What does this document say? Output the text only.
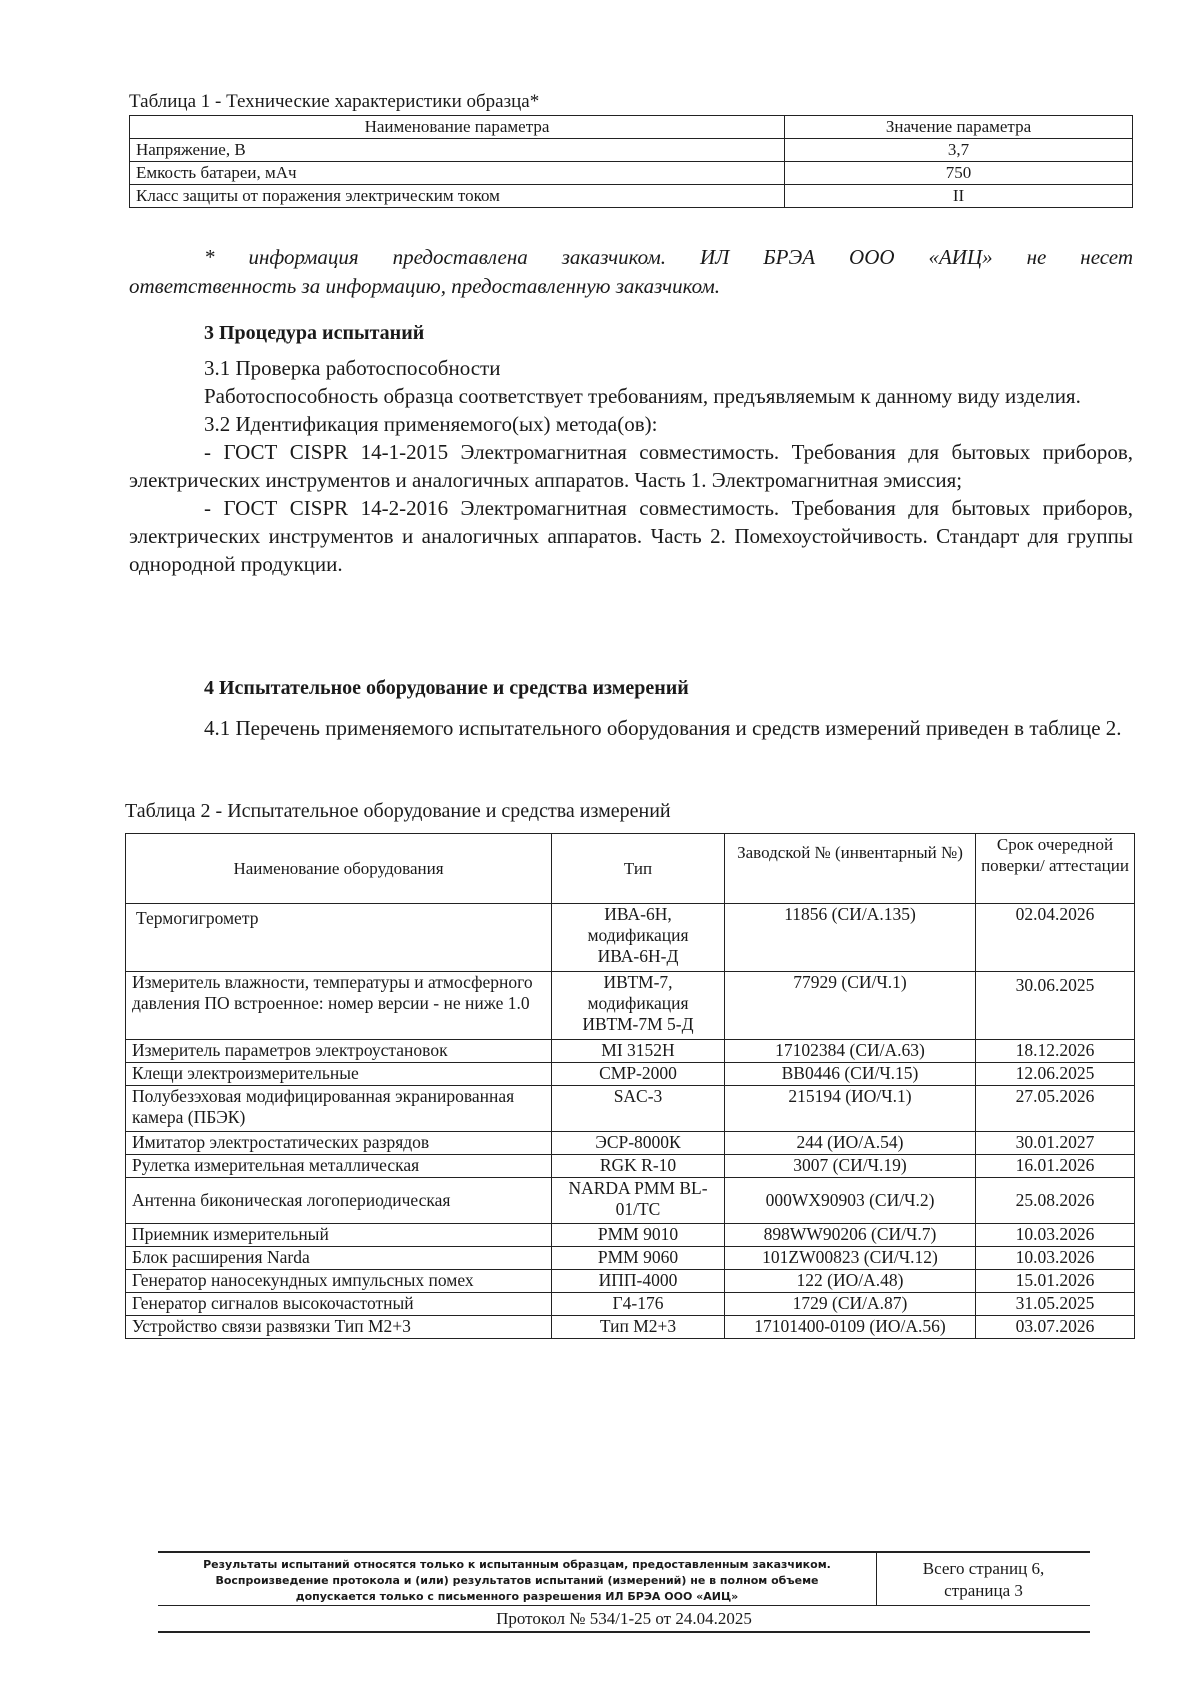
Таблица 1 - Технические характеристики образца*
Наименование параметра	Значение параметра
Напряжение, В	3,7
Емкость батареи, мАч	750
Класс защиты от поражения электрическим током	II
* информация предоставлена заказчиком. ИЛ БРЭА ООО «АИЦ» не несет
ответственность за информацию, предоставленную заказчиком.
3 Процедура испытаний
3.1 Проверка работоспособности
Работоспособность образца соответствует требованиям, предъявляемым к данному виду изделия.
3.2 Идентификация применяемого(ых) метода(ов):
- ГОСТ CISPR 14-1-2015 Электромагнитная совместимость. Требования для бытовых приборов, электрических инструментов и аналогичных аппаратов. Часть 1. Электромагнитная эмиссия;
- ГОСТ CISPR 14-2-2016 Электромагнитная совместимость. Требования для бытовых приборов, электрических инструментов и аналогичных аппаратов. Часть 2. Помехоустойчивость. Стандарт для группы однородной продукции.
4 Испытательное оборудование и средства измерений
4.1 Перечень применяемого испытательного оборудования и средств измерений приведен в таблице 2.
Таблица 2 - Испытательное оборудование и средства измерений
Наименование оборудования	Тип	Заводской № (инвентарный №)	Срок очередной поверки/ аттестации
Термогигрометр	ИВА-6Н, модификация ИВА-6Н-Д	11856 (СИ/А.135)	02.04.2026
Измеритель влажности, температуры и атмосферного давления ПО встроенное: номер версии - не ниже 1.0	ИВТМ-7, модификация ИВТМ-7М 5-Д	77929 (СИ/Ч.1)	30.06.2025
Измеритель параметров электроустановок	MI 3152H	17102384 (СИ/А.63)	18.12.2026
Клещи электроизмерительные	CMP-2000	BB0446 (СИ/Ч.15)	12.06.2025
Полубезэховая модифицированная экранированная камера (ПБЭК)	SAC-3	215194 (ИО/Ч.1)	27.05.2026
Имитатор электростатических разрядов	ЭСР-8000К	244 (ИО/А.54)	30.01.2027
Рулетка измерительная металлическая	RGK R-10	3007 (СИ/Ч.19)	16.01.2026
Антенна биконическая логопериодическая	NARDA PMM BL-01/TC	000WX90903 (СИ/Ч.2)	25.08.2026
Приемник измерительный	PMM 9010	898WW90206 (СИ/Ч.7)	10.03.2026
Блок расширения Narda	PMM 9060	101ZW00823 (СИ/Ч.12)	10.03.2026
Генератор наносекундных импульсных помех	ИПП-4000	122 (ИО/А.48)	15.01.2026
Генератор сигналов высокочастотный	Г4-176	1729 (СИ/А.87)	31.05.2025
Устройство связи развязки Тип М2+3	Тип М2+3	17101400-0109 (ИО/А.56)	03.07.2026
Результаты испытаний относятся только к испытанным образцам, предоставленным заказчиком.
Воспроизведение протокола и (или) результатов испытаний (измерений) не в полном объеме
допускается только с письменного разрешения ИЛ БРЭА ООО «АИЦ»
Всего страниц 6,
страница 3
Протокол № 534/1-25 от 24.04.2025
